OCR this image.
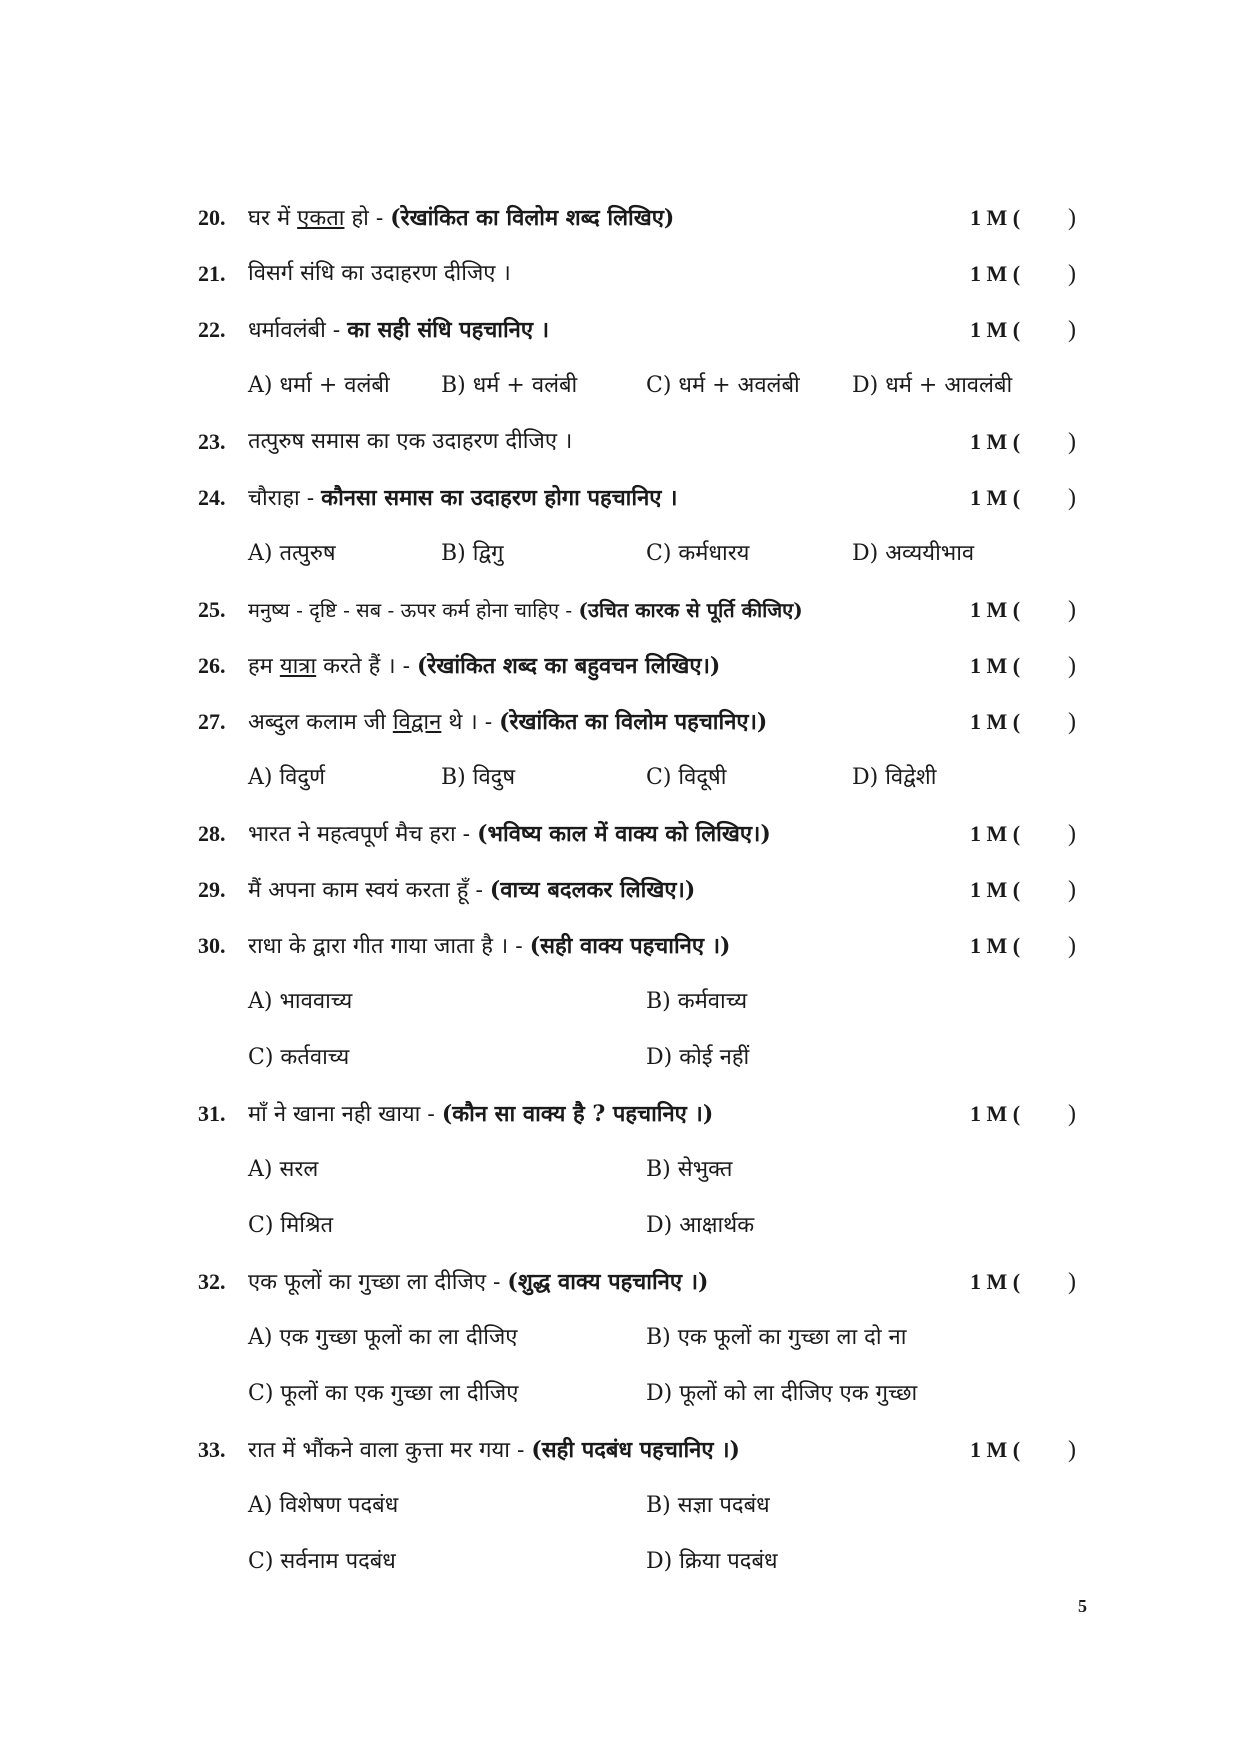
20. घर में एकता हो - (रेखांकित का विलोम शब्द लिखिए)	1 M ( )
21. विसर्ग संधि का उदाहरण दीजिए ।	1 M ( )
22. धर्मावलंबी - का सही संधि पहचानिए ।	1 M ( )
A) धर्मा + वलंबी B) धर्म + वलंबी	C) धर्म + अवलंबी D) धर्म + आवलंबी
23. तत्पुरुष समास का एक उदाहरण दीजिए ।	1 M ( )
24. चौराहा - कौनसा समास का उदाहरण होगा पहचानिए ।	1 M ( )
A) तत्पुरुष	B) द्विगु	C) कर्मधारय	D) अव्ययीभाव
25. मनुष्य - दृष्टि - सब - ऊपर कर्म होना चाहिए - (उचित कारक से पूर्ति कीजिए)	1 M ( )
26. हम यात्रा करते हैं । - (रेखांकित शब्द का बहुवचन लिखिए।)	1 M ( )
27. अब्दुल कलाम जी विद्वान थे । - (रेखांकित का विलोम पहचानिए।)	1 M ( )
A) विदुर्ण	B) विदुष	C) विदूषी	D) विद्वेशी
28. भारत ने महत्वपूर्ण मैच हरा - (भविष्य काल में वाक्य को लिखिए।)	1 M ( )
29. मैं अपना काम स्वयं करता हूँ - (वाच्य बदलकर लिखिए।)	1 M ( )
30. राधा के द्वारा गीत गाया जाता है । - (सही वाक्य पहचानिए ।)	1 M ( )
A) भाववाच्य	B) कर्मवाच्य
C) कर्तवाच्य	D) कोई नहीं
31. माँ ने खाना नही खाया - (कौन सा वाक्य है ? पहचानिए ।)	1 M ( )
A) सरल	B) सेभुक्त
C) मिश्रित	D) आक्षार्थक
32. एक फूलों का गुच्छा ला दीजिए - (शुद्ध वाक्य पहचानिए ।)	1 M ( )
A) एक गुच्छा फूलों का ला दीजिए	B) एक फूलों का गुच्छा ला दो ना
C) फूलों का एक गुच्छा ला दीजिए	D) फूलों को ला दीजिए एक गुच्छा
33. रात में भौंकने वाला कुत्ता मर गया - (सही पदबंध पहचानिए ।)	1 M ( )
A) विशेषण पदबंध	B) सज्ञा पदबंध
C) सर्वनाम पदबंध	D) क्रिया पदबंध
5
